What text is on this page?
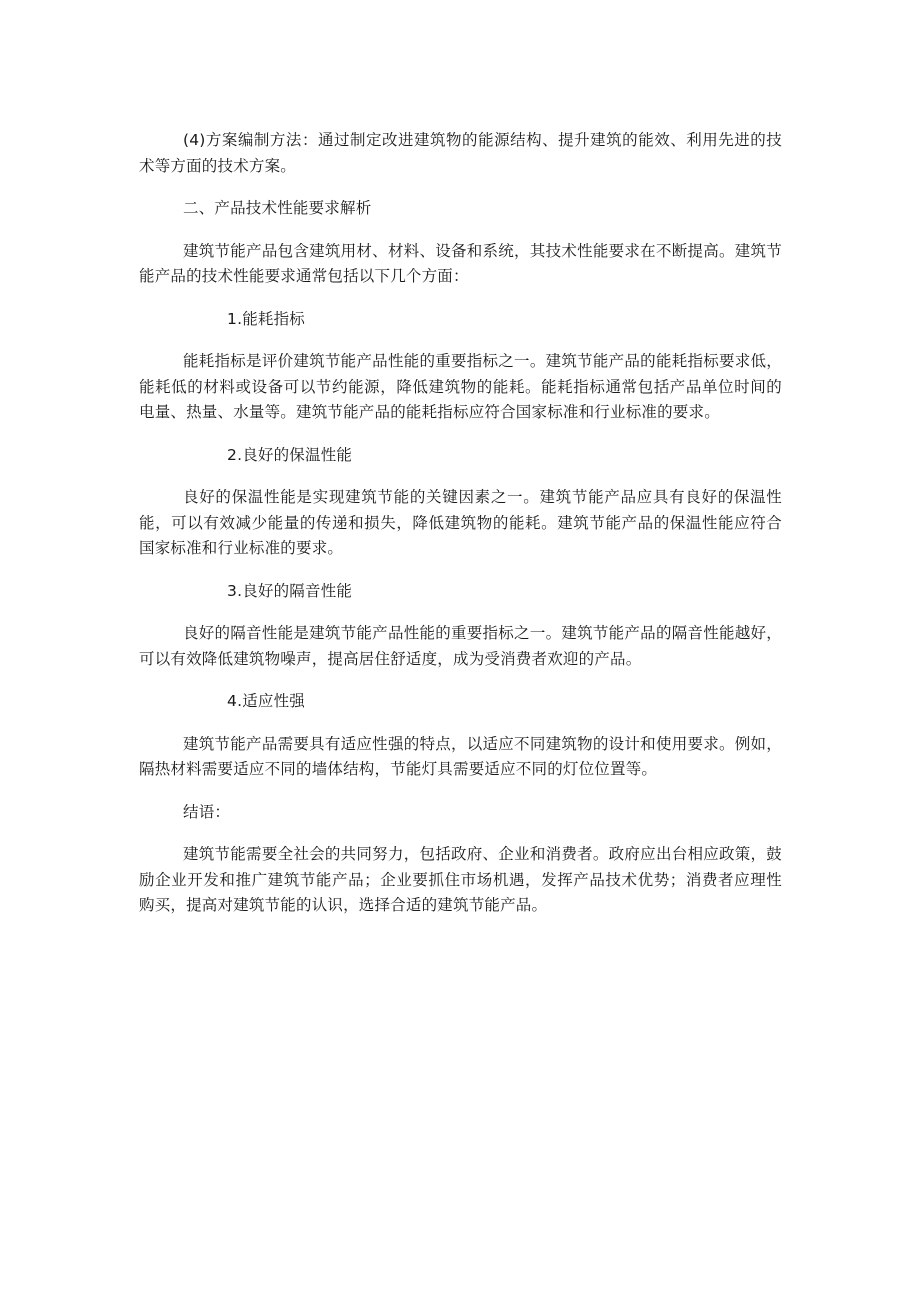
(4)方案编制方法：通过制定改进建筑物的能源结构、提升建筑的能效、利用先进的技术等方面的技术方案。

二、产品技术性能要求解析

建筑节能产品包含建筑用材、材料、设备和系统，其技术性能要求在不断提高。建筑节能产品的技术性能要求通常包括以下几个方面：

1.能耗指标

能耗指标是评价建筑节能产品性能的重要指标之一。建筑节能产品的能耗指标要求低，能耗低的材料或设备可以节约能源，降低建筑物的能耗。能耗指标通常包括产品单位时间的电量、热量、水量等。建筑节能产品的能耗指标应符合国家标准和行业标准的要求。

2.良好的保温性能

良好的保温性能是实现建筑节能的关键因素之一。建筑节能产品应具有良好的保温性能，可以有效减少能量的传递和损失，降低建筑物的能耗。建筑节能产品的保温性能应符合国家标准和行业标准的要求。

3.良好的隔音性能

良好的隔音性能是建筑节能产品性能的重要指标之一。建筑节能产品的隔音性能越好，可以有效降低建筑物噪声，提高居住舒适度，成为受消费者欢迎的产品。

4.适应性强

建筑节能产品需要具有适应性强的特点，以适应不同建筑物的设计和使用要求。例如，隔热材料需要适应不同的墙体结构，节能灯具需要适应不同的灯位位置等。

结语：

建筑节能需要全社会的共同努力，包括政府、企业和消费者。政府应出台相应政策，鼓励企业开发和推广建筑节能产品；企业要抓住市场机遇，发挥产品技术优势；消费者应理性购买，提高对建筑节能的认识，选择合适的建筑节能产品。
